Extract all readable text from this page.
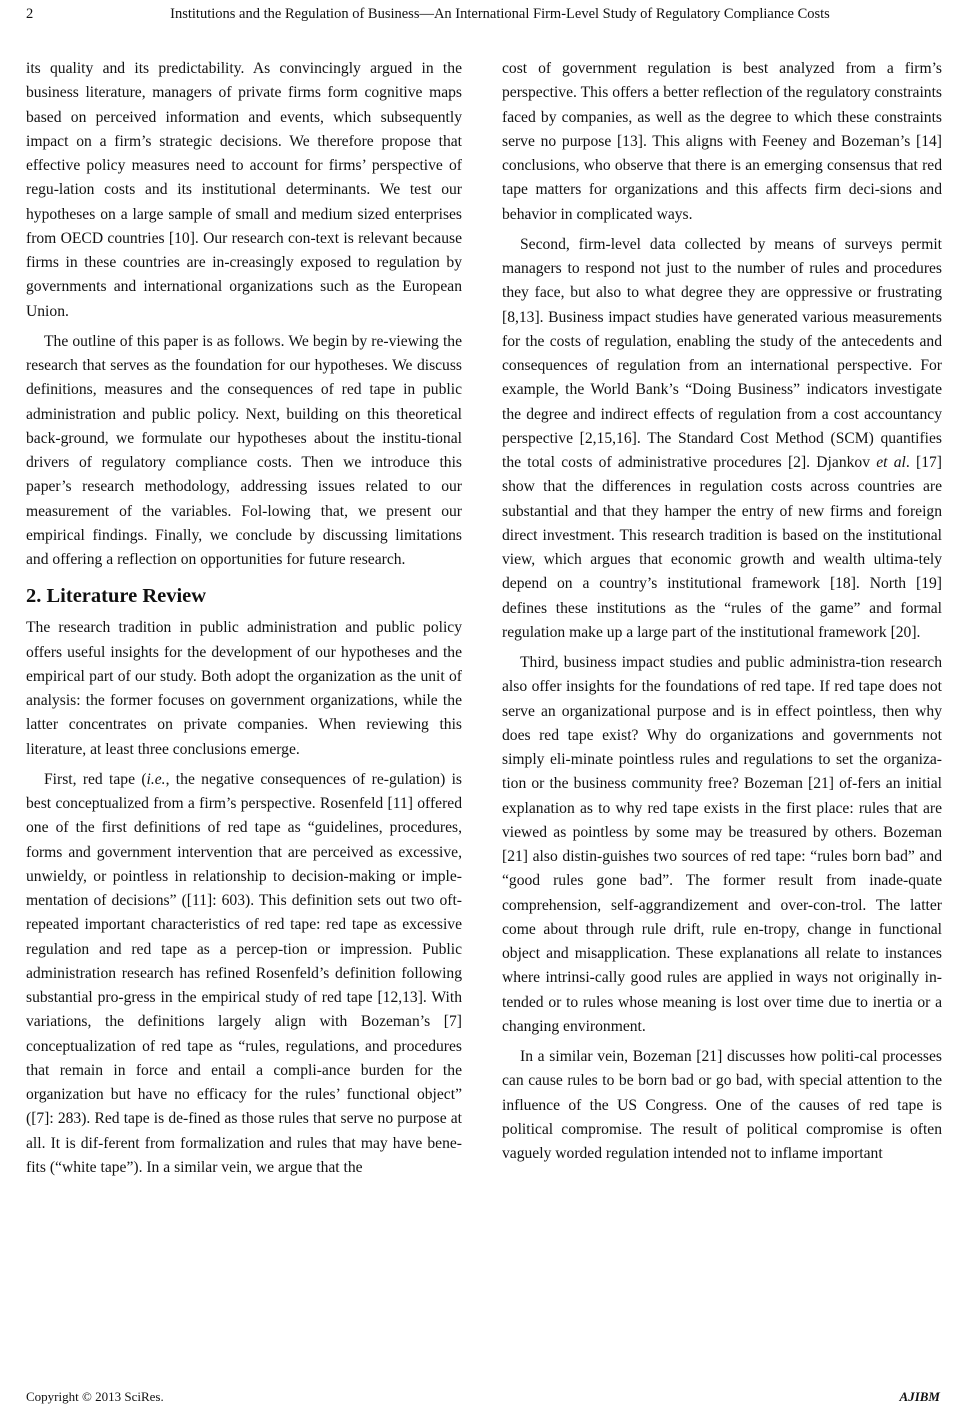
2	Institutions and the Regulation of Business—An International Firm-Level Study of Regulatory Compliance Costs

its quality and its predictability. As convincingly argued in the business literature, managers of private firms form cognitive maps based on perceived information and events, which subsequently impact on a firm’s strategic decisions. We therefore propose that effective policy measures need to account for firms’ perspective of regu-lation costs and its institutional determinants. We test our hypotheses on a large sample of small and medium sized enterprises from OECD countries [10]. Our research con-text is relevant because firms in these countries are in-creasingly exposed to regulation by governments and international organizations such as the European Union.

The outline of this paper is as follows. We begin by re-viewing the research that serves as the foundation for our hypotheses. We discuss definitions, measures and the consequences of red tape in public administration and public policy. Next, building on this theoretical back-ground, we formulate our hypotheses about the institu-tional drivers of regulatory compliance costs. Then we introduce this paper’s research methodology, addressing issues related to our measurement of the variables. Fol-lowing that, we present our empirical findings. Finally, we conclude by discussing limitations and offering a reflection on opportunities for future research.

2. Literature Review

The research tradition in public administration and public policy offers useful insights for the development of our hypotheses and the empirical part of our study. Both adopt the organization as the unit of analysis: the former focuses on government organizations, while the latter concentrates on private companies. When reviewing this literature, at least three conclusions emerge.

First, red tape (i.e., the negative consequences of re-gulation) is best conceptualized from a firm’s perspective. Rosenfeld [11] offered one of the first definitions of red tape as “guidelines, procedures, forms and government intervention that are perceived as excessive, unwieldy, or pointless in relationship to decision-making or imple-mentation of decisions” ([11]: 603). This definition sets out two oft-repeated important characteristics of red tape: red tape as excessive regulation and red tape as a percep-tion or impression. Public administration research has refined Rosenfeld’s definition following substantial pro-gress in the empirical study of red tape [12,13]. With variations, the definitions largely align with Bozeman’s [7] conceptualization of red tape as “rules, regulations, and procedures that remain in force and entail a compli-ance burden for the organization but have no efficacy for the rules’ functional object” ([7]: 283). Red tape is de-fined as those rules that serve no purpose at all. It is dif-ferent from formalization and rules that may have bene-fits (“white tape”). In a similar vein, we argue that the

cost of government regulation is best analyzed from a firm’s perspective. This offers a better reflection of the regulatory constraints faced by companies, as well as the degree to which these constraints serve no purpose [13]. This aligns with Feeney and Bozeman’s [14] conclusions, who observe that there is an emerging consensus that red tape matters for organizations and this affects firm deci-sions and behavior in complicated ways.

Second, firm-level data collected by means of surveys permit managers to respond not just to the number of rules and procedures they face, but also to what degree they are oppressive or frustrating [8,13]. Business impact studies have generated various measurements for the costs of regulation, enabling the study of the antecedents and consequences of regulation from an international perspective. For example, the World Bank’s “Doing Business” indicators investigate the degree and indirect effects of regulation from a cost accountancy perspective [2,15,16]. The Standard Cost Method (SCM) quantifies the total costs of administrative procedures [2]. Djankov et al. [17] show that the differences in regulation costs across countries are substantial and that they hamper the entry of new firms and foreign direct investment. This research tradition is based on the institutional view, which argues that economic growth and wealth ultima-tely depend on a country’s institutional framework [18]. North [19] defines these institutions as the “rules of the game” and formal regulation make up a large part of the institutional framework [20].

Third, business impact studies and public administra-tion research also offer insights for the foundations of red tape. If red tape does not serve an organizational purpose and is in effect pointless, then why does red tape exist? Why do organizations and governments not simply eli-minate pointless rules and regulations to set the organiza-tion or the business community free? Bozeman [21] of-fers an initial explanation as to why red tape exists in the first place: rules that are viewed as pointless by some may be treasured by others. Bozeman [21] also distin-guishes two sources of red tape: “rules born bad” and “good rules gone bad”. The former result from inade-quate comprehension, self-aggrandizement and over-con-trol. The latter come about through rule drift, rule en-tropy, change in functional object and misapplication. These explanations all relate to instances where intrinsi-cally good rules are applied in ways not originally in-tended or to rules whose meaning is lost over time due to inertia or a changing environment.

In a similar vein, Bozeman [21] discusses how politi-cal processes can cause rules to be born bad or go bad, with special attention to the influence of the US Congress. One of the causes of red tape is political compromise. The result of political compromise is often vaguely worded regulation intended not to inflame important

Copyright © 2013 SciRes.	AJIBM
